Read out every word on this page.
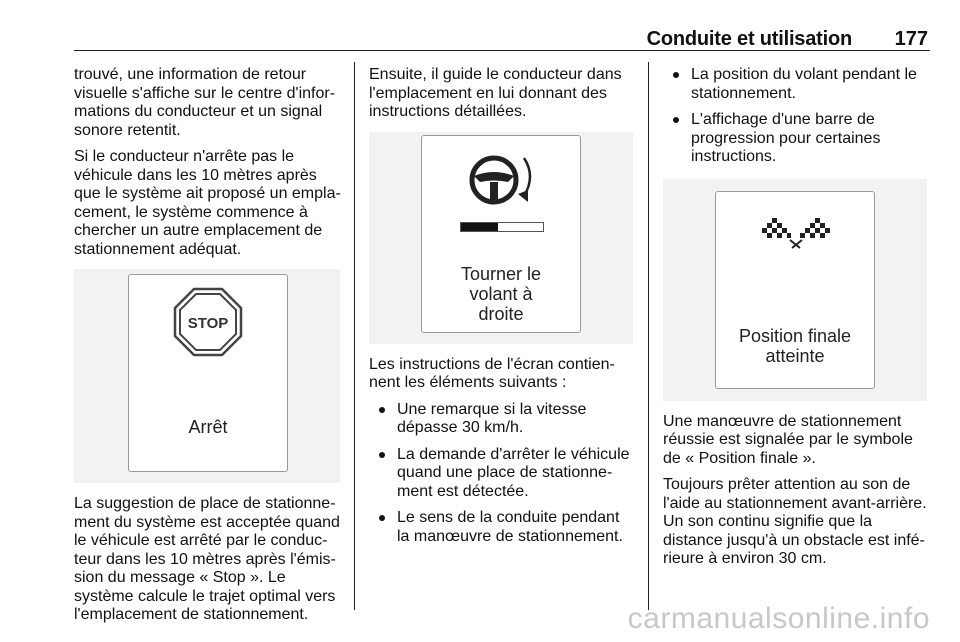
Conduite et utilisation 177

trouvé, une information de retour visuelle s'affiche sur le centre d'infor-mations du conducteur et un signal sonore retentit.

Si le conducteur n'arrête pas le véhicule dans les 10 mètres après que le système ait proposé un empla-cement, le système commence à chercher un autre emplacement de stationnement adéquat.

STOP
Arrêt

La suggestion de place de stationne-ment du système est acceptée quand le véhicule est arrêté par le conduc-teur dans les 10 mètres après l'émis-sion du message « Stop ». Le système calcule le trajet optimal vers l'emplacement de stationnement.

Ensuite, il guide le conducteur dans l'emplacement en lui donnant des instructions détaillées.

Tourner le
volant à
droite

Les instructions de l'écran contien-nent les éléments suivants :

Une remarque si la vitesse dépasse 30 km/h.
La demande d'arrêter le véhicule quand une place de stationne-ment est détectée.
Le sens de la conduite pendant la manœuvre de stationnement.
La position du volant pendant le stationnement.
L'affichage d'une barre de progression pour certaines instructions.
Position finale
atteinte

Une manœuvre de stationnement réussie est signalée par le symbole de « Position finale ».

Toujours prêter attention au son de l'aide au stationnement avant-arrière. Un son continu signifie que la distance jusqu'à un obstacle est infé-rieure à environ 30 cm.

carmanualsonline.info
